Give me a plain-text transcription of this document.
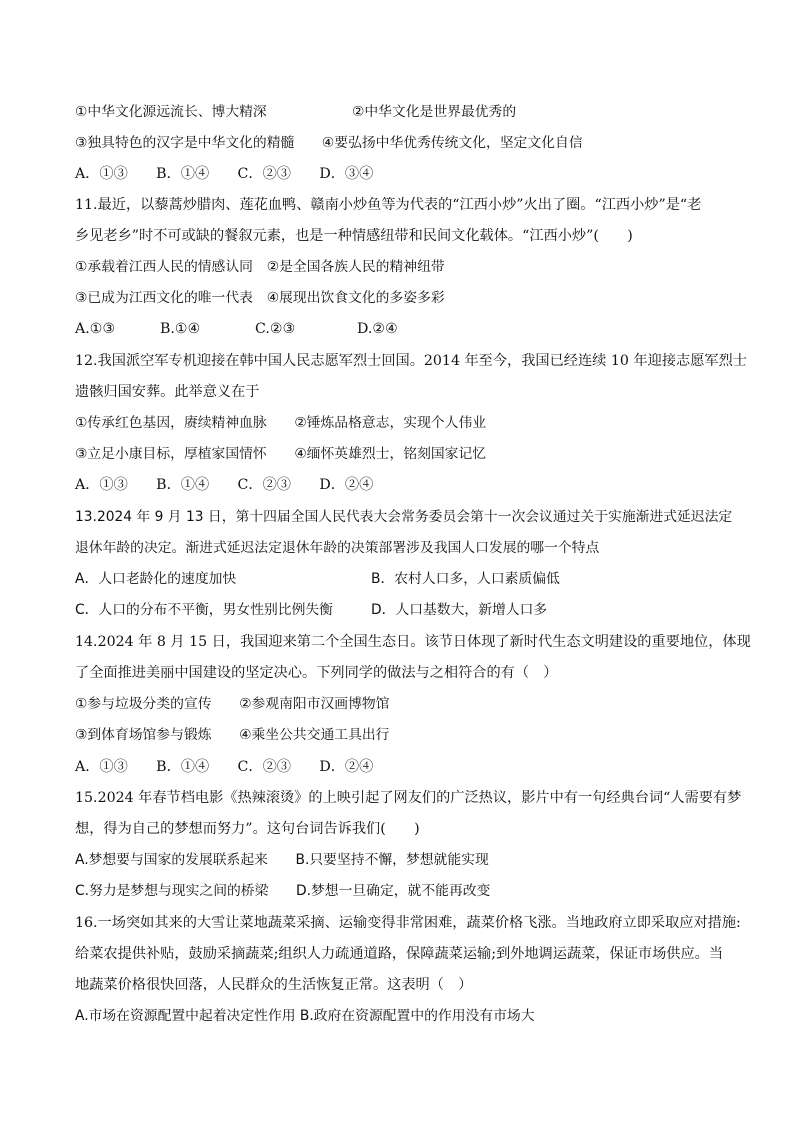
①中华文化源远流长、博大精深	②中华文化是世界最优秀的
③独具特色的汉字是中华文化的精髓　　④要弘扬中华优秀传统文化，坚定文化自信
A．①③　　B．①④　　C．②③　　D．③④
11.最近，以藜蒿炒腊肉、莲花血鸭、赣南小炒鱼等为代表的“江西小炒”火出了圈。“江西小炒”是“老
乡见老乡”时不可或缺的餐叙元素，也是一种情感纽带和民间文化载体。“江西小炒”(　　)
①承载着江西人民的情感认同　②是全国各族人民的精神纽带
③已成为江西文化的唯一代表　④展现出饮食文化的多姿多彩
A.①③	B.①④	C.②③	D.②④
12.我国派空军专机迎接在韩中国人民志愿军烈士回国。2014 年至今，我国已经连续 10 年迎接志愿军烈士
遗骸归国安葬。此举意义在于
①传承红色基因，赓续精神血脉　　②锤炼品格意志，实现个人伟业
③立足小康目标，厚植家国情怀　　④缅怀英雄烈士，铭刻国家记忆
A．①③　　B．①④　　C．②③　　D．②④
13.2024 年 9 月 13 日，第十四届全国人民代表大会常务委员会第十一次会议通过关于实施渐进式延迟法定
退休年龄的决定。渐进式延迟法定退休年龄的决策部署涉及我国人口发展的哪一个特点
A．人口老龄化的速度加快	B．农村人口多，人口素质偏低
C．人口的分布不平衡，男女性别比例失衡	D．人口基数大，新增人口多
14.2024 年 8 月 15 日，我国迎来第二个全国生态日。该节日体现了新时代生态文明建设的重要地位，体现
了全面推进美丽中国建设的坚定决心。下列同学的做法与之相符合的有（　）
①参与垃圾分类的宣传　　②参观南阳市汉画博物馆
③到体育场馆参与锻炼　　④乘坐公共交通工具出行
A．①③　　B．①④　　C．②③　　D．②④
15.2024 年春节档电影《热辣滚烫》的上映引起了网友们的广泛热议，影片中有一句经典台词“人需要有梦
想，得为自己的梦想而努力”。这句台词告诉我们(　　)
A.梦想要与国家的发展联系起来　　B.只要坚持不懈，梦想就能实现
C.努力是梦想与现实之间的桥梁　　D.梦想一旦确定，就不能再改变
16.一场突如其来的大雪让菜地蔬菜采摘、运输变得非常困难，蔬菜价格飞涨。当地政府立即采取应对措施:
给菜农提供补贴，鼓励采摘蔬菜;组织人力疏通道路，保障蔬菜运输;到外地调运蔬菜，保证市场供应。当
地蔬菜价格很快回落，人民群众的生活恢复正常。这表明（　）
A.市场在资源配置中起着决定性作用 B.政府在资源配置中的作用没有市场大
